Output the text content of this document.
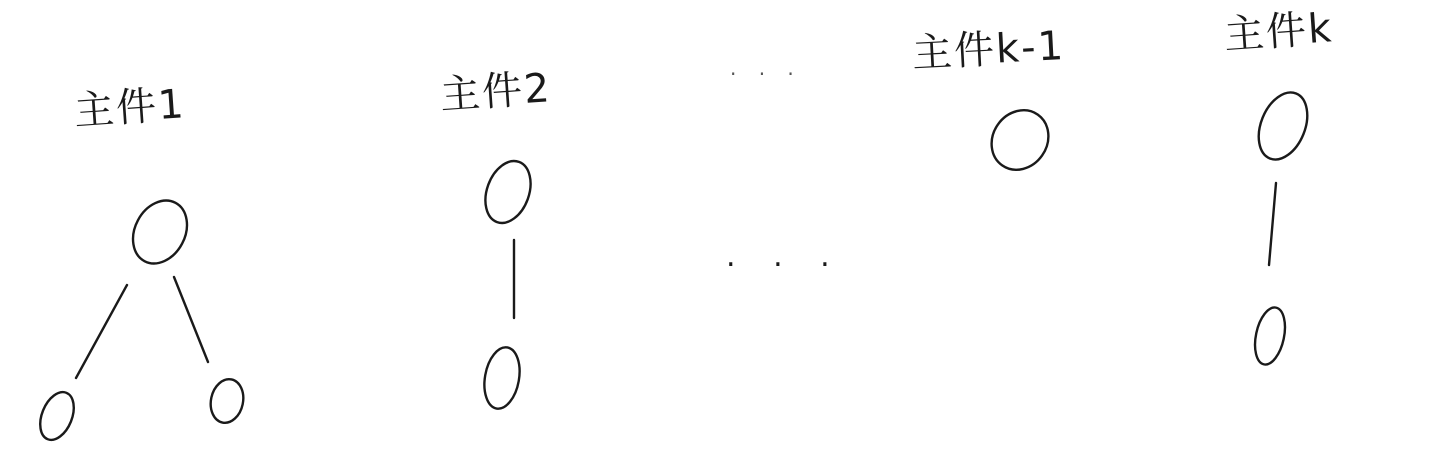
主件1	主件2
主件k-1	主件k
· · ·
. . .
